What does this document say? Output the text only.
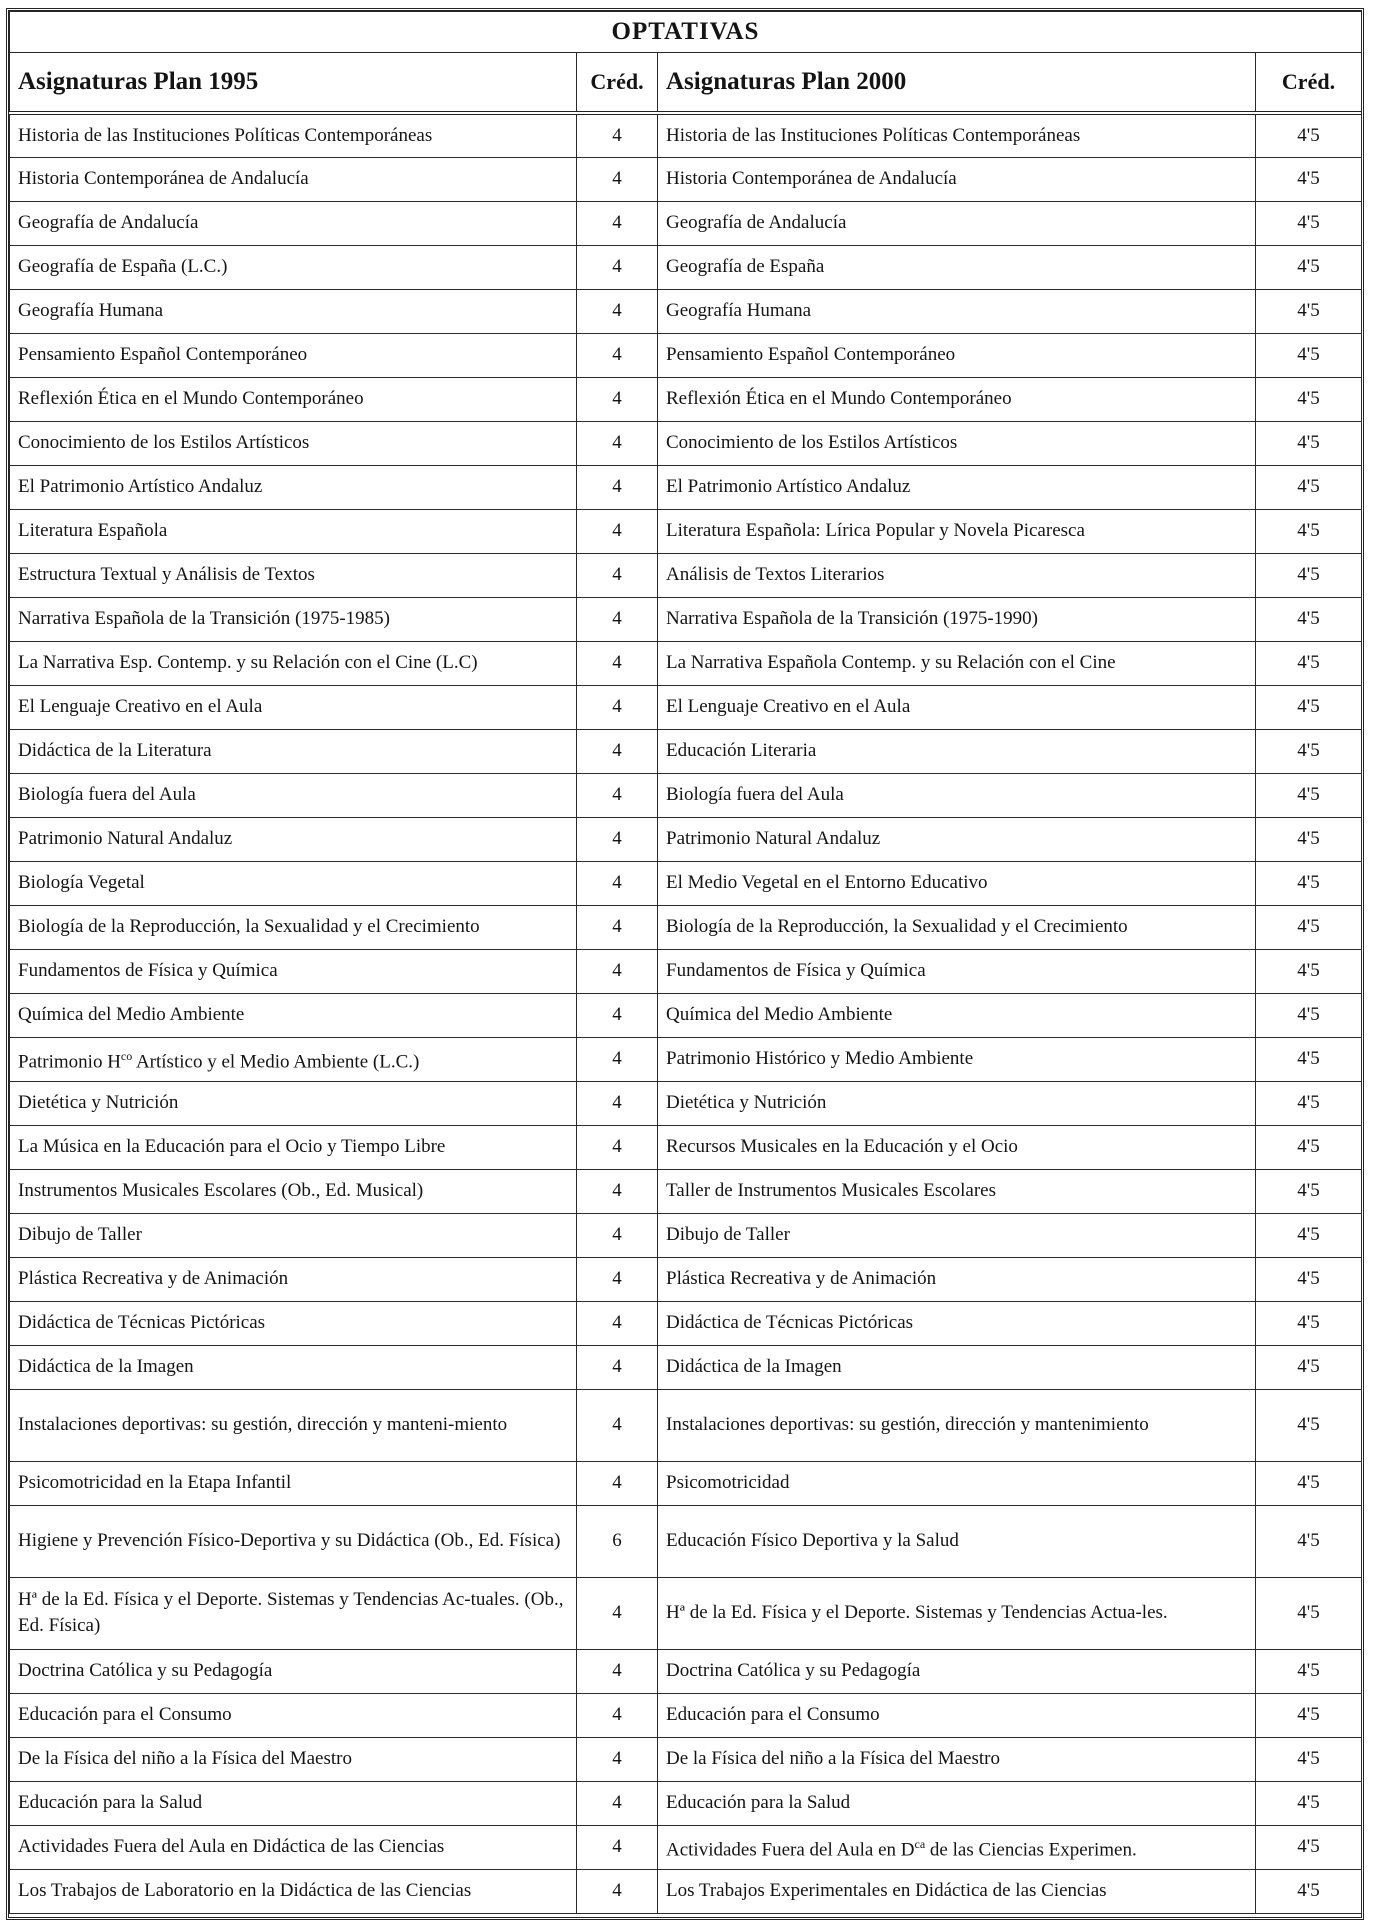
OPTATIVAS			
Asignaturas Plan 1995	Créd.	Asignaturas Plan 2000	Créd.
Historia de las Instituciones Políticas Contemporáneas	4	Historia de las Instituciones Políticas Contemporáneas	4'5
Historia Contemporánea de Andalucía	4	Historia Contemporánea de Andalucía	4'5
Geografía de Andalucía	4	Geografía de Andalucía	4'5
Geografía de España (L.C.)	4	Geografía de España	4'5
Geografía Humana	4	Geografía Humana	4'5
Pensamiento Español Contemporáneo	4	Pensamiento Español Contemporáneo	4'5
Reflexión Ética en el Mundo Contemporáneo	4	Reflexión Ética en el Mundo Contemporáneo	4'5
Conocimiento de los Estilos Artísticos	4	Conocimiento de los Estilos Artísticos	4'5
El Patrimonio Artístico Andaluz	4	El Patrimonio Artístico Andaluz	4'5
Literatura Española	4	Literatura Española: Lírica Popular y Novela Picaresca	4'5
Estructura Textual y Análisis de Textos	4	Análisis de Textos Literarios	4'5
Narrativa Española de la Transición (1975-1985)	4	Narrativa Española de la Transición (1975-1990)	4'5
La Narrativa Esp. Contemp. y su Relación con el Cine (L.C)	4	La Narrativa Española Contemp. y su Relación con el Cine	4'5
El Lenguaje Creativo en el Aula	4	El Lenguaje Creativo en el Aula	4'5
Didáctica de la Literatura	4	Educación Literaria	4'5
Biología fuera del Aula	4	Biología fuera del Aula	4'5
Patrimonio Natural Andaluz	4	Patrimonio Natural Andaluz	4'5
Biología Vegetal	4	El Medio Vegetal en el Entorno Educativo	4'5
Biología de la Reproducción, la Sexualidad y el Crecimiento	4	Biología de la Reproducción, la Sexualidad y el Crecimiento	4'5
Fundamentos de Física y Química	4	Fundamentos de Física y Química	4'5
Química del Medio Ambiente	4	Química del Medio Ambiente	4'5
Patrimonio $H^{co}$ Artístico y el Medio Ambiente (L.C.)	4	Patrimonio Histórico y Medio Ambiente	4'5
Dietética y Nutrición	4	Dietética y Nutrición	4'5
La Música en la Educación para el Ocio y Tiempo Libre	4	Recursos Musicales en la Educación y el Ocio	4'5
Instrumentos Musicales Escolares (Ob., Ed. Musical)	4	Taller de Instrumentos Musicales Escolares	4'5
Dibujo de Taller	4	Dibujo de Taller	4'5
Plástica Recreativa y de Animación	4	Plástica Recreativa y de Animación	4'5
Didáctica de Técnicas Pictóricas	4	Didáctica de Técnicas Pictóricas	4'5
Didáctica de la Imagen	4	Didáctica de la Imagen	4'5
Instalaciones deportivas: su gestión, dirección y manteni-miento	4	Instalaciones deportivas: su gestión, dirección y mantenimiento	4'5
Psicomotricidad en la Etapa Infantil	4	Psicomotricidad	4'5
Higiene y Prevención Físico-Deportiva y su Didáctica (Ob., Ed. Física)	6	Educación Físico Deportiva y la Salud	4'5
Hª de la Ed. Física y el Deporte. Sistemas y Tendencias Ac-tuales. (Ob., Ed. Física)	4	Hª de la Ed. Física y el Deporte. Sistemas y Tendencias Actua-les.	4'5
Doctrina Católica y su Pedagogía	4	Doctrina Católica y su Pedagogía	4'5
Educación para el Consumo	4	Educación para el Consumo	4'5
De la Física del niño a la Física del Maestro	4	De la Física del niño a la Física del Maestro	4'5
Educación para la Salud	4	Educación para la Salud	4'5
Actividades Fuera del Aula en Didáctica de las Ciencias	4	Actividades Fuera del Aula en $D^{ca}$ de las Ciencias Experimen.	4'5
Los Trabajos de Laboratorio en la Didáctica de las Ciencias	4	Los Trabajos Experimentales en Didáctica de las Ciencias	4'5
